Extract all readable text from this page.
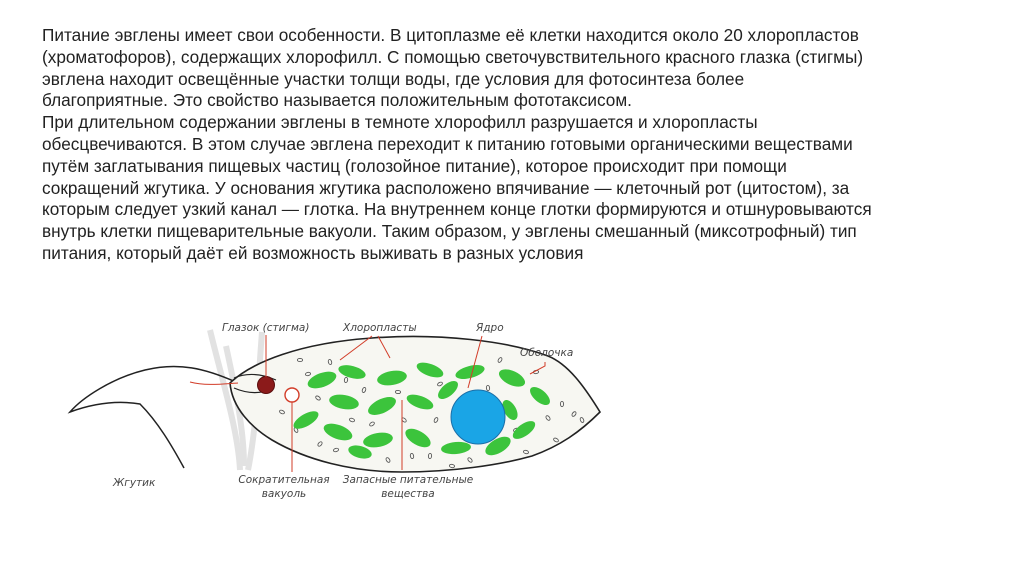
Питание эвглены имеет свои особенности. В цитоплазме её клетки находится около 20 хлоропластов (хроматофоров), содержащих хлорофилл. С помощью светочувствительного красного глазка (стигмы) эвглена находит освещённые участки толщи воды, где условия для фотосинтеза более благоприятные. Это свойство называется положительным фототаксисом.

При длительном содержании эвглены в темноте хлорофилл разрушается и хлоропласты обесцвечиваются. В этом случае эвглена переходит к питанию готовыми органическими веществами путём заглатывания пищевых частиц (голозойное питание), которое происходит при помощи сокращений жгутика. У основания жгутика расположено впячивание — клеточный рот (цитостом), за которым следует узкий канал — глотка. На внутреннем конце глотки формируются и отшнуровываются внутрь клетки пищеварительные вакуоли. Таким образом, у эвглены смешанный (миксотрофный) тип питания, который даёт ей возможность выживать в разных условия

Глазок (стигма)	Хлоропласты	Ядро
Оболочка
Жгутик	Сократительная
вакуоль
Запасные питательные
вещества
